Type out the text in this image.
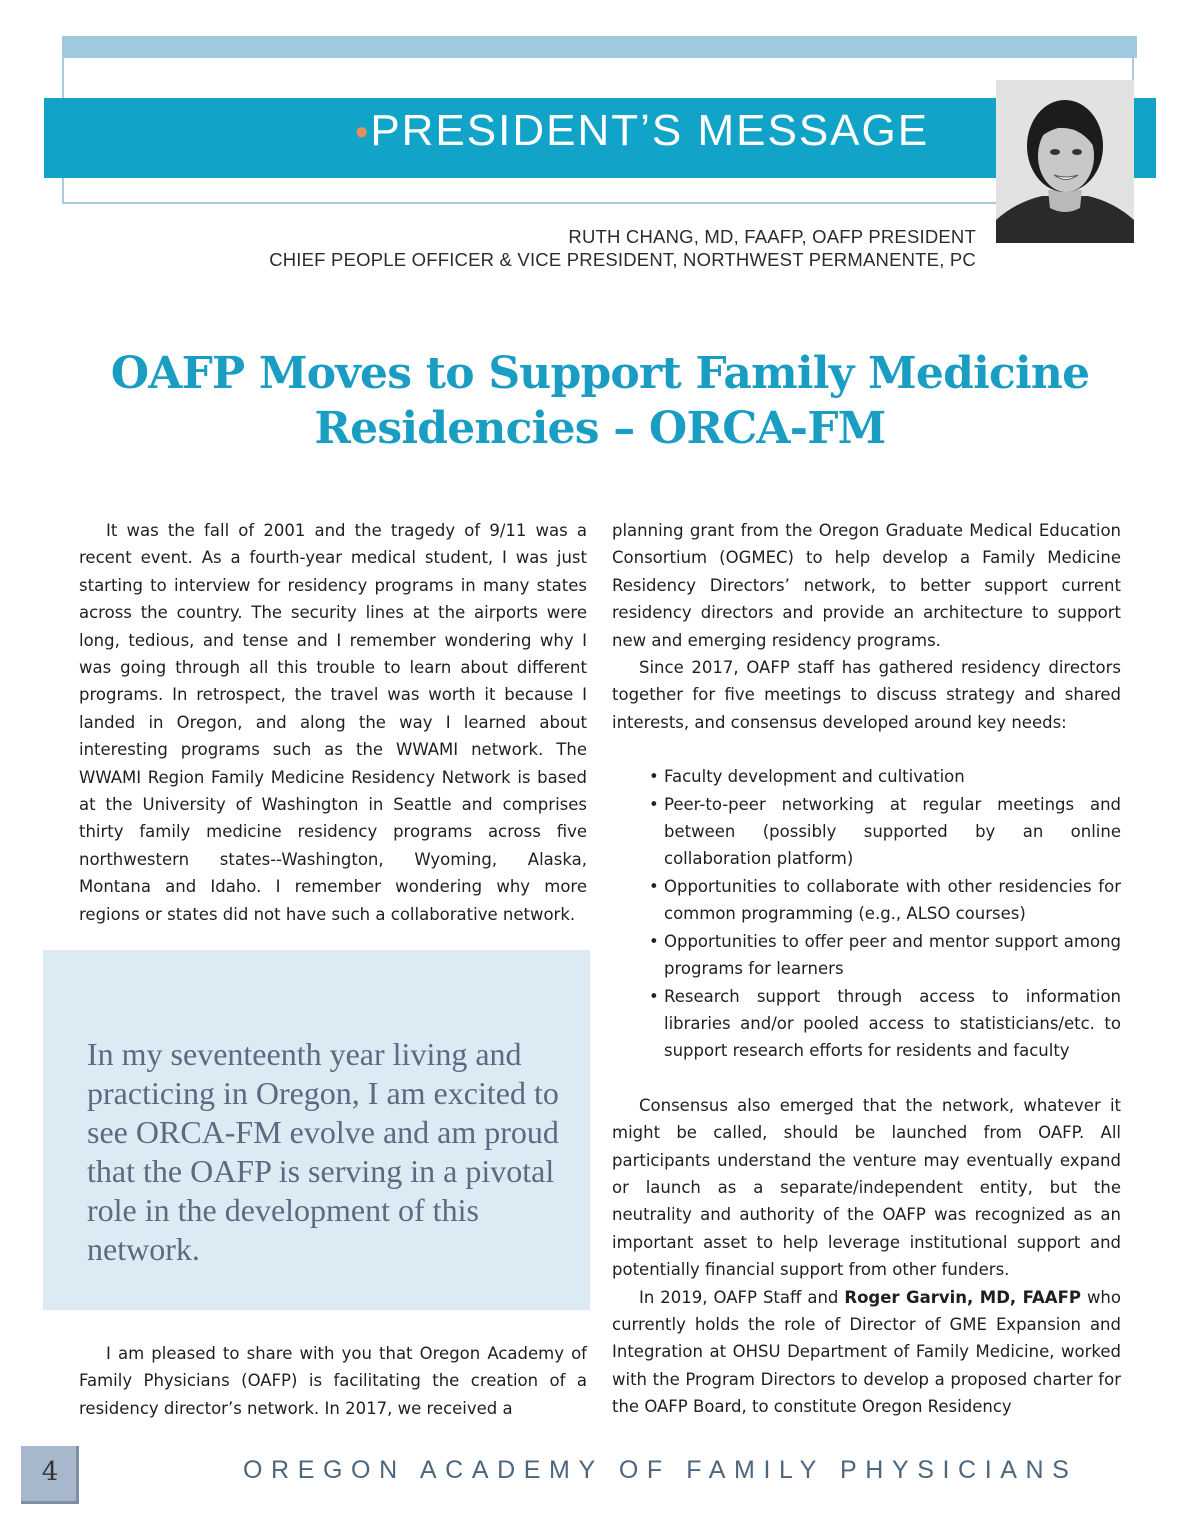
•PRESIDENT’S MESSAGE
RUTH CHANG, MD, FAAFP, OAFP PRESIDENT
CHIEF PEOPLE OFFICER & VICE PRESIDENT, NORTHWEST PERMANENTE, PC
OAFP Moves to Support Family Medicine
Residencies – ORCA-FM

It was the fall of 2001 and the tragedy of 9/11 was a recent event. As a fourth-year medical student, I was just starting to interview for residency programs in many states across the country. The security lines at the airports were long, tedious, and tense and I remember wondering why I was going through all this trouble to learn about different programs. In retrospect, the travel was worth it because I landed in Oregon, and along the way I learned about interesting programs such as the WWAMI network. The WWAMI Region Family Medicine Residency Network is based at the University of Washington in Seattle and comprises thirty family medicine residency programs across five northwestern states--Washington, Wyoming, Alaska, Montana and Idaho. I remember wondering why more regions or states did not have such a collaborative network.

In my seventeenth year living and practicing in Oregon, I am excited to see ORCA-FM evolve and am proud that the OAFP is serving in a pivotal role in the development of this network.

I am pleased to share with you that Oregon Academy of Family Physicians (OAFP) is facilitating the creation of a residency director’s network. In 2017, we received a

planning grant from the Oregon Graduate Medical Education Consortium (OGMEC) to help develop a Family Medicine Residency Directors’ network, to better support current residency directors and provide an architecture to support new and emerging residency programs.

Since 2017, OAFP staff has gathered residency directors together for five meetings to discuss strategy and shared interests, and consensus developed around key needs:

• Faculty development and cultivation
• Peer-to-peer networking at regular meetings and between (possibly supported by an online collaboration platform)
• Opportunities to collaborate with other residencies for common programming (e.g., ALSO courses)
• Opportunities to offer peer and mentor support among programs for learners
• Research support through access to information libraries and/or pooled access to statisticians/etc. to support research efforts for residents and faculty

Consensus also emerged that the network, whatever it might be called, should be launched from OAFP. All participants understand the venture may eventually expand or launch as a separate/independent entity, but the neutrality and authority of the OAFP was recognized as an important asset to help leverage institutional support and potentially financial support from other funders.

In 2019, OAFP Staff and Roger Garvin, MD, FAAFP who currently holds the role of Director of GME Expansion and Integration at OHSU Department of Family Medicine, worked with the Program Directors to develop a proposed charter for the OAFP Board, to constitute Oregon Residency

4	OREGON ACADEMY OF FAMILY PHYSICIANS
